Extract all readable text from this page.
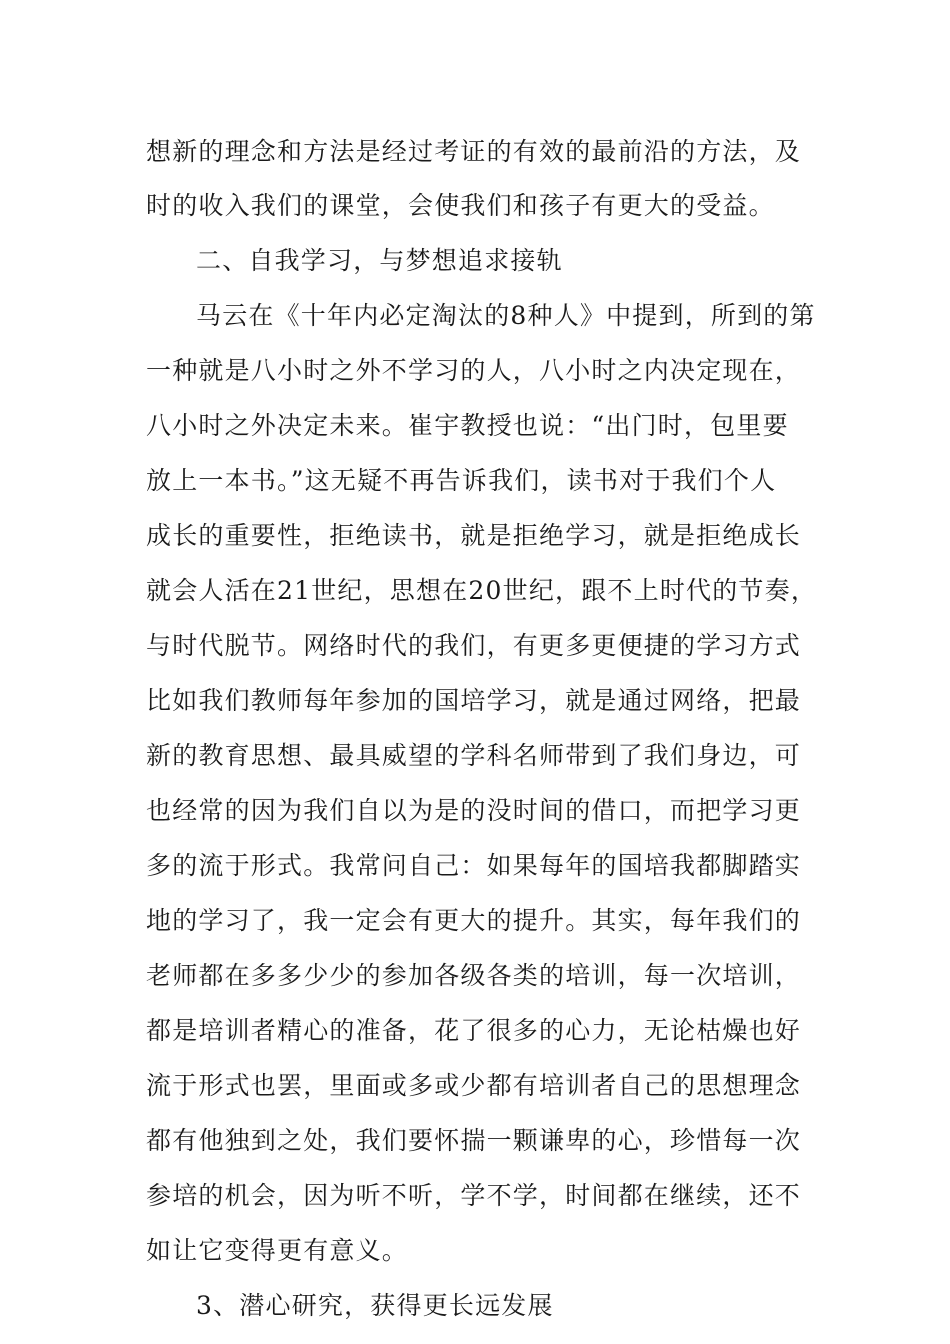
想新的理念和方法是经过考证的有效的最前沿的方法，及
时的收入我们的课堂，会使我们和孩子有更大的受益。
二、自我学习，与梦想追求接轨
马云在《十年内必定淘汰的8种人》中提到，所到的第
一种就是八小时之外不学习的人，八小时之内决定现在，
八小时之外决定未来。崔宇教授也说：“出门时，包里要
放上一本书。”这无疑不再告诉我们，读书对于我们个人
成长的重要性，拒绝读书，就是拒绝学习，就是拒绝成长
就会人活在21世纪，思想在20世纪，跟不上时代的节奏，
与时代脱节。网络时代的我们，有更多更便捷的学习方式
比如我们教师每年参加的国培学习，就是通过网络，把最
新的教育思想、最具威望的学科名师带到了我们身边，可
也经常的因为我们自以为是的没时间的借口，而把学习更
多的流于形式。我常问自己：如果每年的国培我都脚踏实
地的学习了，我一定会有更大的提升。其实，每年我们的
老师都在多多少少的参加各级各类的培训，每一次培训，
都是培训者精心的准备，花了很多的心力，无论枯燥也好
流于形式也罢，里面或多或少都有培训者自己的思想理念
都有他独到之处，我们要怀揣一颗谦卑的心，珍惜每一次
参培的机会，因为听不听，学不学，时间都在继续，还不
如让它变得更有意义。
3、潜心研究，获得更长远发展
